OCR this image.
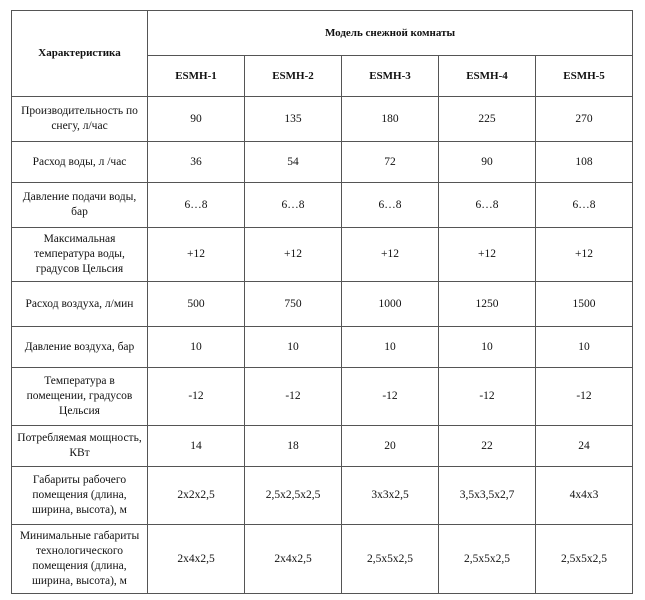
Характеристика	Модель снежной комнаты				
	ESMH-1	ESMH-2	ESMH-3	ESMH-4	ESMH-5
Производительность по снегу, л/час	90	135	180	225	270
Расход воды, л /час	36	54	72	90	108
Давление подачи воды, бар	6…8	6…8	6…8	6…8	6…8
Максимальная температура воды, градусов Цельсия	+12	+12	+12	+12	+12
Расход воздуха, л/мин	500	750	1000	1250	1500
Давление воздуха, бар	10	10	10	10	10
Температура в помещении, градусов Цельсия	-12	-12	-12	-12	-12
Потребляемая мощность, КВт	14	18	20	22	24
Габариты рабочего помещения (длина, ширина, высота), м	2x2x2,5	2,5x2,5x2,5	3x3x2,5	3,5x3,5x2,7	4x4x3
Минимальные габариты технологического помещения (длина, ширина, высота), м	2x4x2,5	2x4x2,5	2,5x5x2,5	2,5x5x2,5	2,5x5x2,5
